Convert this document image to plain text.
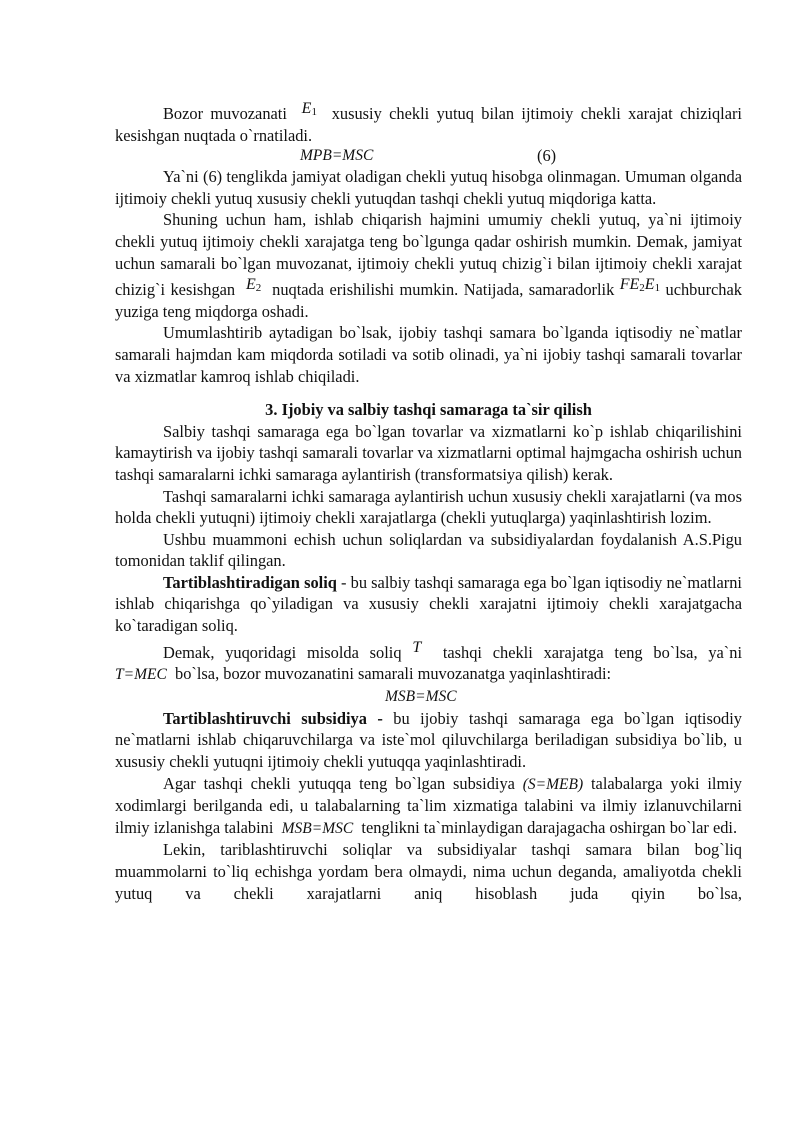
Bozor muvozanati E1 xususiy chekli yutuq bilan ijtimoiy chekli xarajat chiziqlari kesishgan nuqtada o`rnatiladi.

MPB=MSC	(6)

Ya`ni (6) tenglikda jamiyat oladigan chekli yutuq hisobga olinmagan. Umuman olganda ijtimoiy chekli yutuq xususiy chekli yutuqdan tashqi chekli yutuq miqdoriga katta.

Shuning uchun ham, ishlab chiqarish hajmini umumiy chekli yutuq, ya`ni ijtimoiy chekli yutuq ijtimoiy chekli xarajatga teng bo`lgunga qadar oshirish mumkin. Demak, jamiyat uchun samarali bo`lgan muvozanat, ijtimoiy chekli yutuq chizig`i bilan ijtimoiy chekli xarajat chizig`i kesishgan E2 nuqtada erishilishi mumkin. Natijada, samaradorlik FE2E1 uchburchak yuziga teng miqdorga oshadi.

Umumlashtirib aytadigan bo`lsak, ijobiy tashqi samara bo`lganda iqtisodiy ne`matlar samarali hajmdan kam miqdorda sotiladi va sotib olinadi, ya`ni ijobiy tashqi samarali tovarlar va xizmatlar kamroq ishlab chiqiladi.

3. Ijobiy va salbiy tashqi samaraga ta`sir qilish

Salbiy tashqi samaraga ega bo`lgan tovarlar va xizmatlarni ko`p ishlab chiqarilishini kamaytirish va ijobiy tashqi samarali tovarlar va xizmatlarni optimal hajmgacha oshirish uchun tashqi samaralarni ichki samaraga aylantirish (transformatsiya qilish) kerak.

Tashqi samaralarni ichki samaraga aylantirish uchun xususiy chekli xarajatlarni (va mos holda chekli yutuqni) ijtimoiy chekli xarajatlarga (chekli yutuqlarga) yaqinlashtirish lozim.

Ushbu muammoni echish uchun soliqlardan va subsidiyalardan foydalanish A.S.Pigu tomonidan taklif qilingan.

Tartiblashtiradigan soliq - bu salbiy tashqi samaraga ega bo`lgan iqtisodiy ne`matlarni ishlab chiqarishga qo`yiladigan va xususiy chekli xarajatni ijtimoiy chekli xarajatgacha ko`taradigan soliq.

Demak, yuqoridagi misolda soliq T tashqi chekli xarajatga teng bo`lsa, ya`ni T=MEC bo`lsa, bozor muvozanatini samarali muvozanatga yaqinlashtiradi:

MSB=MSC

Tartiblashtiruvchi subsidiya - bu ijobiy tashqi samaraga ega bo`lgan iqtisodiy ne`matlarni ishlab chiqaruvchilarga va iste`mol qiluvchilarga beriladigan subsidiya bo`lib, u xususiy chekli yutuqni ijtimoiy chekli yutuqqa yaqinlashtiradi.

Agar tashqi chekli yutuqqa teng bo`lgan subsidiya (S=MEB) talabalarga yoki ilmiy xodimlargi berilganda edi, u talabalarning ta`lim xizmatiga talabini va ilmiy izlanuvchilarni ilmiy izlanishga talabini MSB=MSC tenglikni ta`minlaydigan darajagacha oshirgan bo`lar edi.

Lekin, tariblashtiruvchi soliqlar va subsidiyalar tashqi samara bilan bog`liq muammolarni to`liq echishga yordam bera olmaydi, nima uchun deganda, amaliyotda chekli yutuq va chekli xarajatlarni aniq hisoblash juda qiyin bo`lsa,
